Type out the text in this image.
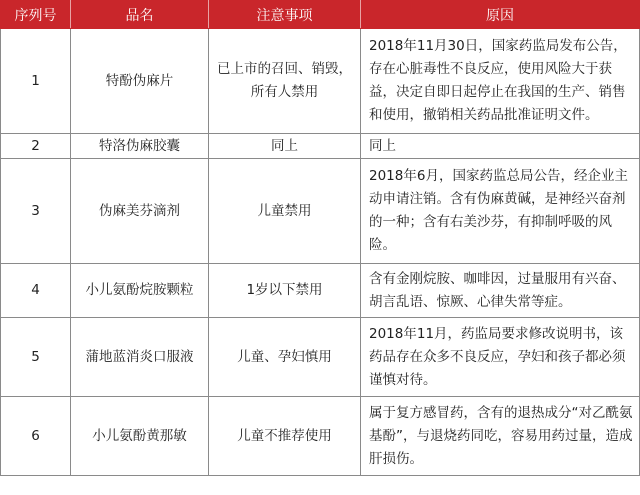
序列号	品名	注意事项	原因
1	特酚伪麻片	已上市的召回、销毁，所有人禁用	2018年11月30日，国家药监局发布公告，存在心脏毒性不良反应，使用风险大于获益，决定自即日起停止在我国的生产、销售和使用，撤销相关药品批准证明文件。
2	特洛伪麻胶囊	同上	同上
3	伪麻美芬滴剂	儿童禁用	2018年6月，国家药监总局公告，经企业主动申请注销。含有伪麻黄碱，是神经兴奋剂的一种；含有右美沙芬，有抑制呼吸的风险。
4	小儿氨酚烷胺颗粒	1岁以下禁用	含有金刚烷胺、咖啡因，过量服用有兴奋、胡言乱语、惊厥、心律失常等症。
5	蒲地蓝消炎口服液	儿童、孕妇慎用	2018年11月，药监局要求修改说明书，该药品存在众多不良反应，孕妇和孩子都必须谨慎对待。
6	小儿氨酚黄那敏	儿童不推荐使用	属于复方感冒药，含有的退热成分“对乙酰氨基酚”，与退烧药同吃，容易用药过量，造成肝损伤。
